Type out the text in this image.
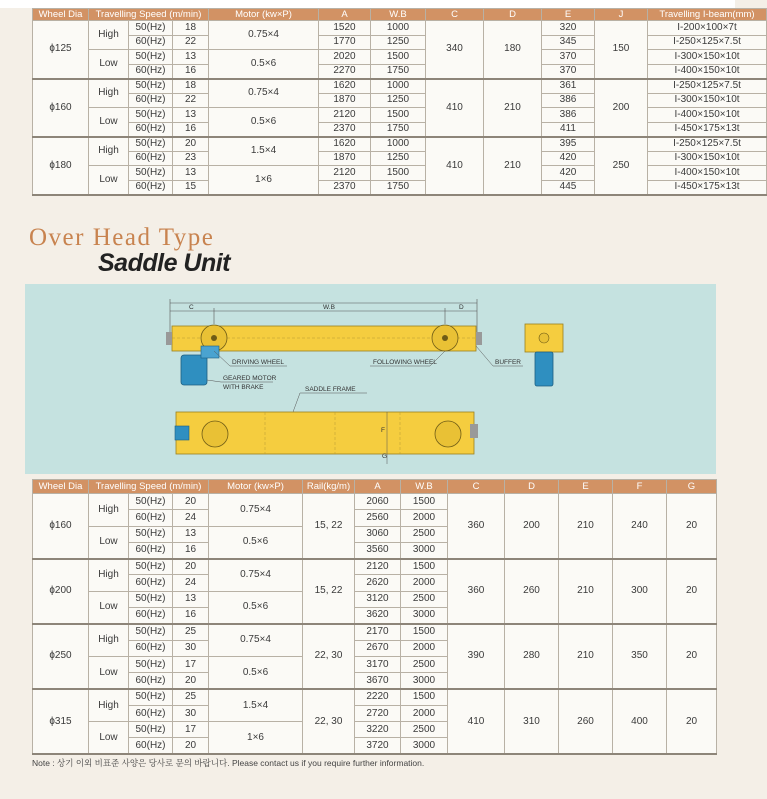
Wheel Dia	Travelling Speed (m/min)			Motor (kw×P)	A	W.B	C	D	E	J	Travelling I-beam(mm)
ɸ125	High	50(Hz)	18	0.75×4	1520	1000	340	180	320	150	I-200×100×7t
		60(Hz)	22		1770	1250			345		I-250×125×7.5t
	Low	50(Hz)	13	0.5×6	2020	1500			370		I-300×150×10t
		60(Hz)	16		2270	1750			370		I-400×150×10t
ɸ160	High	50(Hz)	18	0.75×4	1620	1000	410	210	361	200	I-250×125×7.5t
		60(Hz)	22		1870	1250			386		I-300×150×10t
	Low	50(Hz)	13	0.5×6	2120	1500			386		I-400×150×10t
		60(Hz)	16		2370	1750			411		I-450×175×13t
ɸ180	High	50(Hz)	20	1.5×4	1620	1000	410	210	395	250	I-250×125×7.5t
		60(Hz)	23		1870	1250			420		I-300×150×10t
	Low	50(Hz)	13	1×6	2120	1500			420		I-400×150×10t
		60(Hz)	15		2370	1750			445		I-450×175×13t
Over Head Type
Saddle Unit
C	W.B	D
DRIVING WHEEL	FOLLOWING WHEEL	BUFFER
GEARED MOTOR
WITH BRAKE	SADDLE FRAME
F
G
Wheel Dia	Travelling Speed (m/min)			Motor (kw×P)	Rail(kg/m)	A	W.B	C	D	E	F	G
ɸ160	High	50(Hz)	20	0.75×4	15, 22	2060	1500	360	200	210	240	20
		60(Hz)	24			2560	2000					
	Low	50(Hz)	13	0.5×6		3060	2500					
		60(Hz)	16			3560	3000					
ɸ200	High	50(Hz)	20	0.75×4	15, 22	2120	1500	360	260	210	300	20
		60(Hz)	24			2620	2000					
	Low	50(Hz)	13	0.5×6		3120	2500					
		60(Hz)	16			3620	3000					
ɸ250	High	50(Hz)	25	0.75×4	22, 30	2170	1500	390	280	210	350	20
		60(Hz)	30			2670	2000					
	Low	50(Hz)	17	0.5×6		3170	2500					
		60(Hz)	20			3670	3000					
ɸ315	High	50(Hz)	25	1.5×4	22, 30	2220	1500	410	310	260	400	20
		60(Hz)	30			2720	2000					
	Low	50(Hz)	17	1×6		3220	2500					
		60(Hz)	20			3720	3000					
Note : 상기 이외 비표준 사양은 당사로 문의 바랍니다. Please contact us if you require further information.
